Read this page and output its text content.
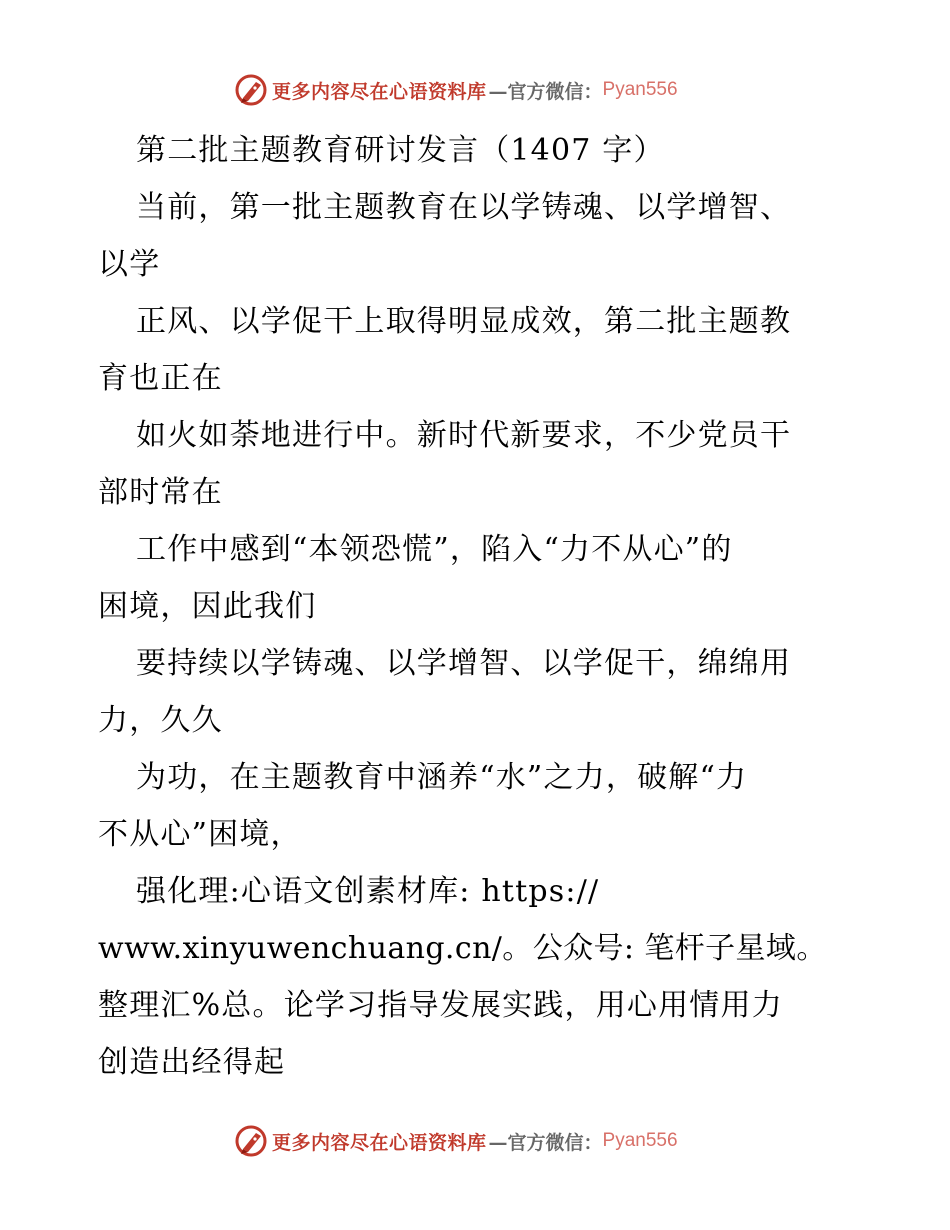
更多内容尽在心语资料库 —官方微信： Pyan556
第二批主题教育研讨发言（1407 字）
当前，第一批主题教育在以学铸魂、以学增智、
以学
正风、以学促干上取得明显成效，第二批主题教
育也正在
如火如荼地进行中。新时代新要求，不少党员干
部时常在
工作中感到“本领恐慌”，陷入“力不从心”的
困境，因此我们
要持续以学铸魂、以学增智、以学促干，绵绵用
力，久久
为功，在主题教育中涵养“水”之力，破解“力
不从心”困境，
强化理:心语文创素材库: https://
www.xinyuwenchuang.cn/。公众号: 笔杆子星域。
整理汇%总。论学习指导发展实践，用心用情用力
创造出经得起
更多内容尽在心语资料库 —官方微信： Pyan556
